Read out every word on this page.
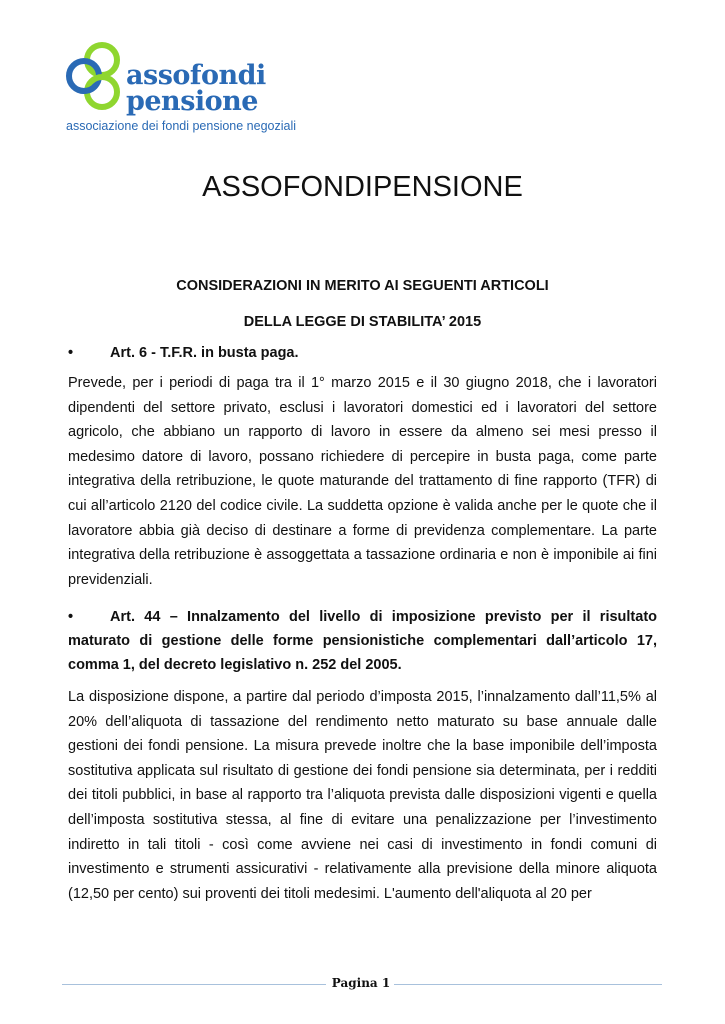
assofondi
pensione
associazione dei fondi pensione negoziali
ASSOFONDIPENSIONE
CONSIDERAZIONI IN MERITO AI SEGUENTI ARTICOLI
DELLA LEGGE DI STABILITA’ 2015
•	Art. 6 - T.F.R. in busta paga.

Prevede, per i periodi di paga tra il 1° marzo 2015 e il 30 giugno 2018, che i lavoratori dipendenti del settore privato, esclusi i lavoratori domestici ed i lavoratori del settore agricolo, che abbiano un rapporto di lavoro in essere da almeno sei mesi presso il medesimo datore di lavoro, possano richiedere di percepire in busta paga, come parte integrativa della retribuzione, le quote maturande del trattamento di fine rapporto (TFR) di cui all’articolo 2120 del codice civile. La suddetta opzione è valida anche per le quote che il lavoratore abbia già deciso di destinare a forme di previdenza complementare. La parte integrativa della retribuzione è assoggettata a tassazione ordinaria e non è imponibile ai fini previdenziali.

•	Art. 44 – Innalzamento del livello di imposizione previsto per il risultato maturato di gestione delle forme pensionistiche complementari dall’articolo 17, comma 1, del decreto legislativo n. 252 del 2005.

La disposizione dispone, a partire dal periodo d’imposta 2015, l’innalzamento dall’11,5% al 20% dell’aliquota di tassazione del rendimento netto maturato su base annuale dalle gestioni dei fondi pensione. La misura prevede inoltre che la base imponibile dell’imposta sostitutiva applicata sul risultato di gestione dei fondi pensione sia determinata, per i redditi dei titoli pubblici, in base al rapporto tra l’aliquota prevista dalle disposizioni vigenti e quella dell’imposta sostitutiva stessa, al fine di evitare una penalizzazione per l’investimento indiretto in tali titoli - così come avviene nei casi di investimento in fondi comuni di investimento e strumenti assicurativi - relativamente alla previsione della minore aliquota (12,50 per cento) sui proventi dei titoli medesimi. L'aumento dell'aliquota al 20 per

Pagina 1
